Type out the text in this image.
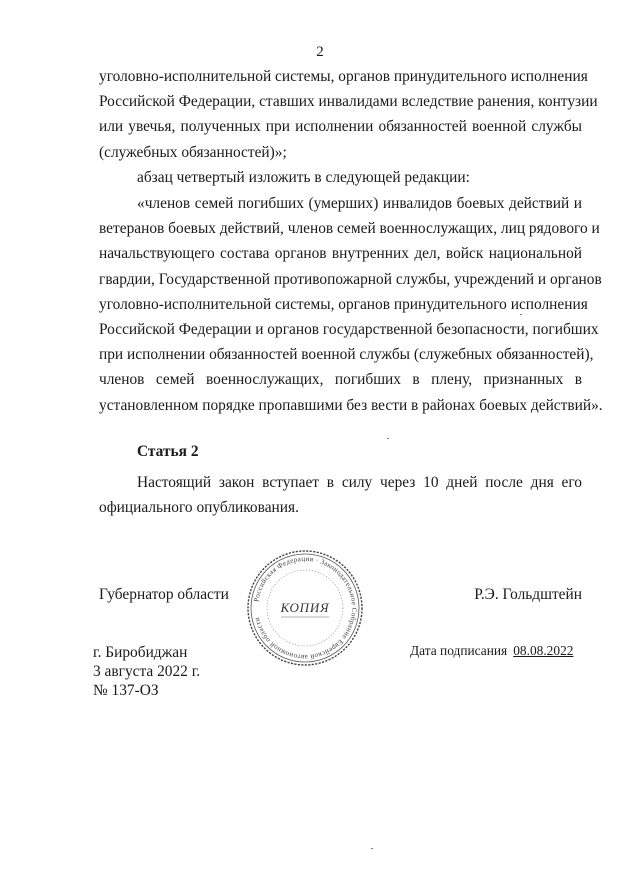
2
уголовно-исполнительной системы, органов принудительного исполнения
Российской Федерации, ставших инвалидами вследствие ранения, контузии
или увечья, полученных при исполнении обязанностей военной службы
(служебных обязанностей)»;
абзац четвертый изложить в следующей редакции:
«членов семей погибших (умерших) инвалидов боевых действий и
ветеранов боевых действий, членов семей военнослужащих, лиц рядового и
начальствующего состава органов внутренних дел, войск национальной
гвардии, Государственной противопожарной службы, учреждений и органов
уголовно-исполнительной системы, органов принудительного исполнения
Российской Федерации и органов государственной безопасности, погибших
при исполнении обязанностей военной службы (служебных обязанностей),
членов семей военнослужащих, погибших в плену, признанных в
установленном порядке пропавшими без вести в районах боевых действий».
Статья 2
Настоящий закон вступает в силу через 10 дней после дня его
официального опубликования.
Губернатор области	Р.Э. Гольдштейн
Российская Федерация · Законодательное Собрание Еврейской автономной области
КОПИЯ
г. Биробиджан
3 августа 2022 г.
№ 137-ОЗ
Дата подписания 08.08.2022
